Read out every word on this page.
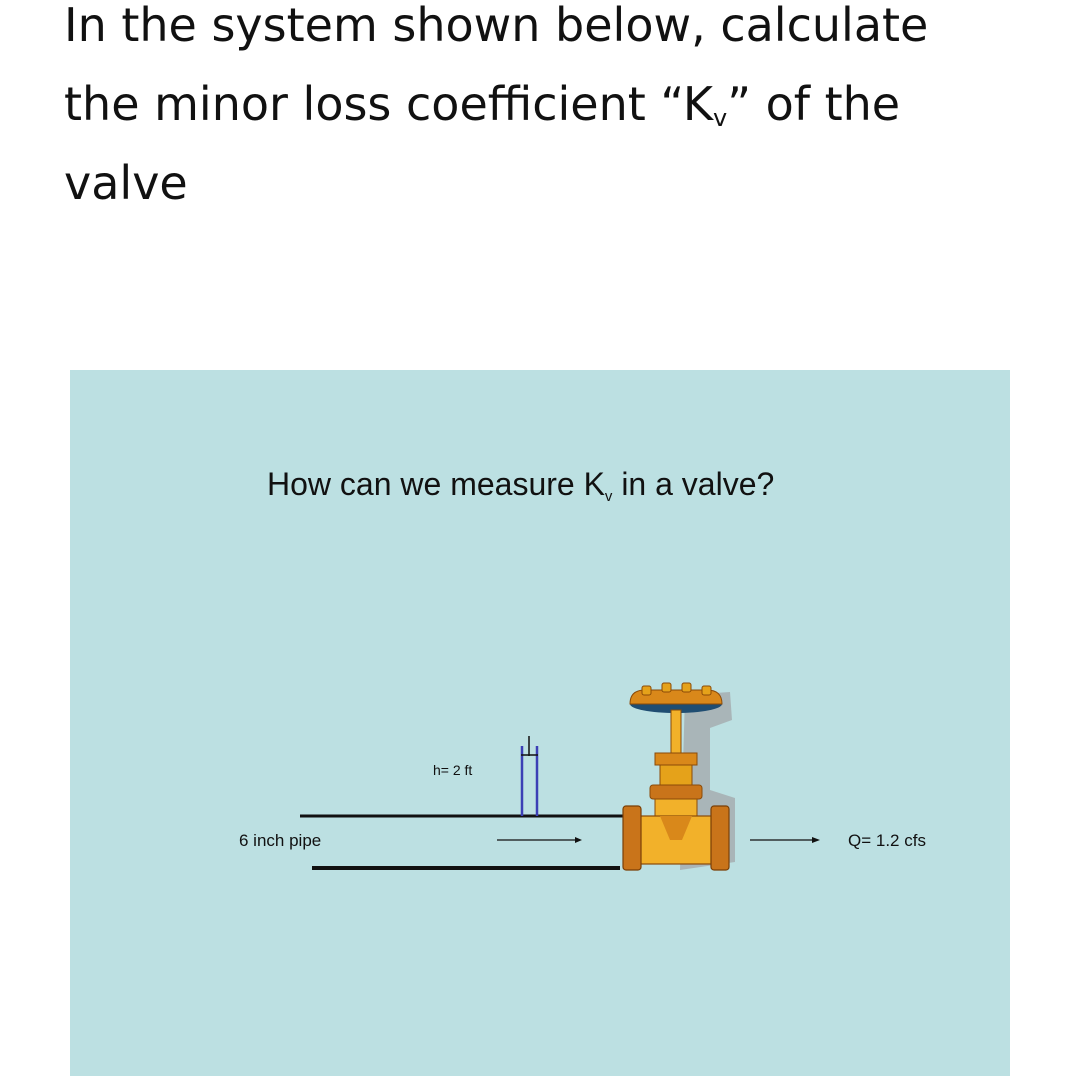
In the system shown below, calculate
the minor loss coefficient “$K_v$” of the
valve
How can we measure $K_v$ in a valve?
6 inch pipe
h= 2 ft
Q= 1.2 cfs
